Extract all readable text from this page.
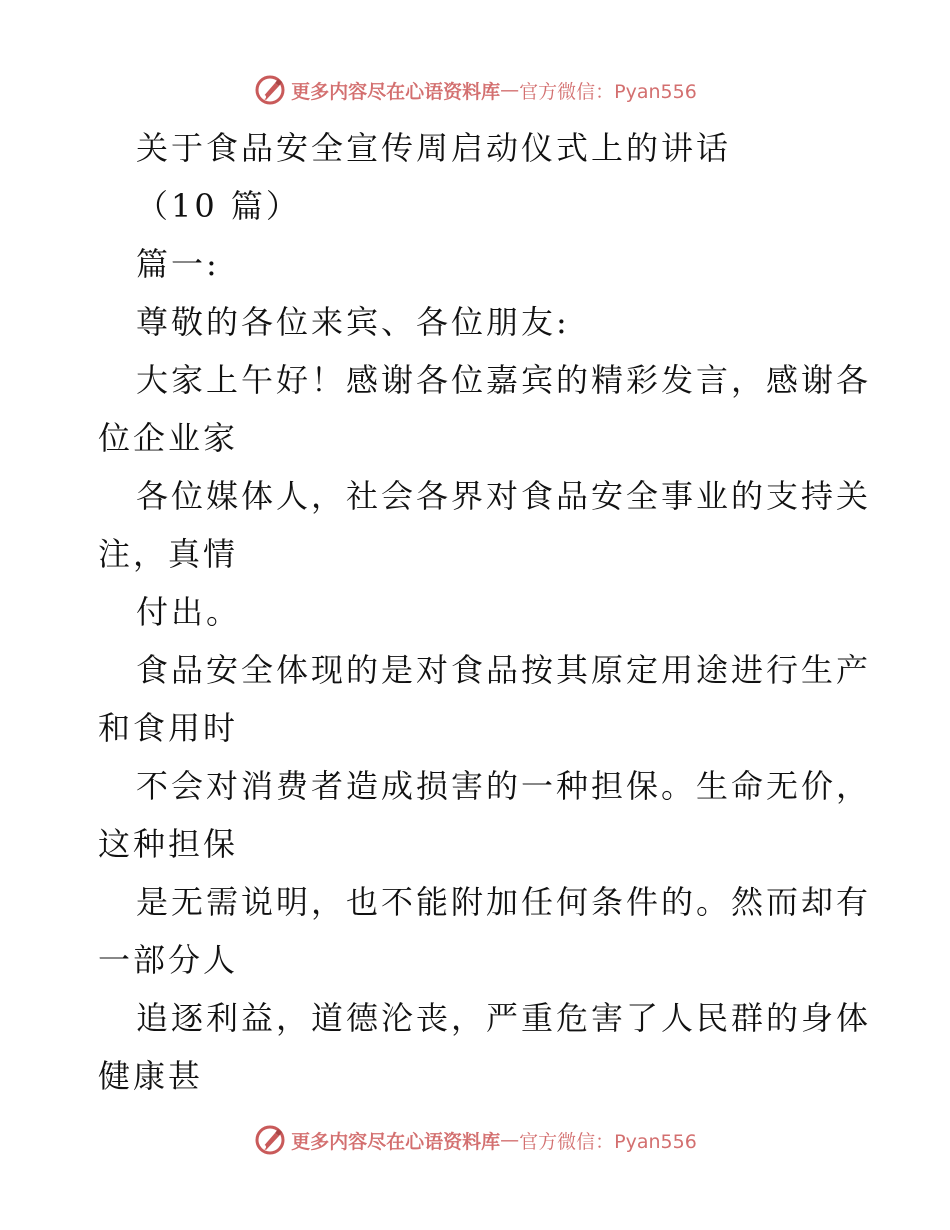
更多内容尽在心语资料库 — 官方微信：Pyan556
关于食品安全宣传周启动仪式上的讲话
（10 篇）
篇一:
尊敬的各位来宾、各位朋友:
大家上午好！感谢各位嘉宾的精彩发言，感谢各
位企业家
各位媒体人，社会各界对食品安全事业的支持关
注，真情
付出。
食品安全体现的是对食品按其原定用途进行生产
和食用时
不会对消费者造成损害的一种担保。生命无价，
这种担保
是无需说明，也不能附加任何条件的。然而却有
一部分人
追逐利益，道德沦丧，严重危害了人民群的身体
健康甚
更多内容尽在心语资料库 — 官方微信：Pyan556
